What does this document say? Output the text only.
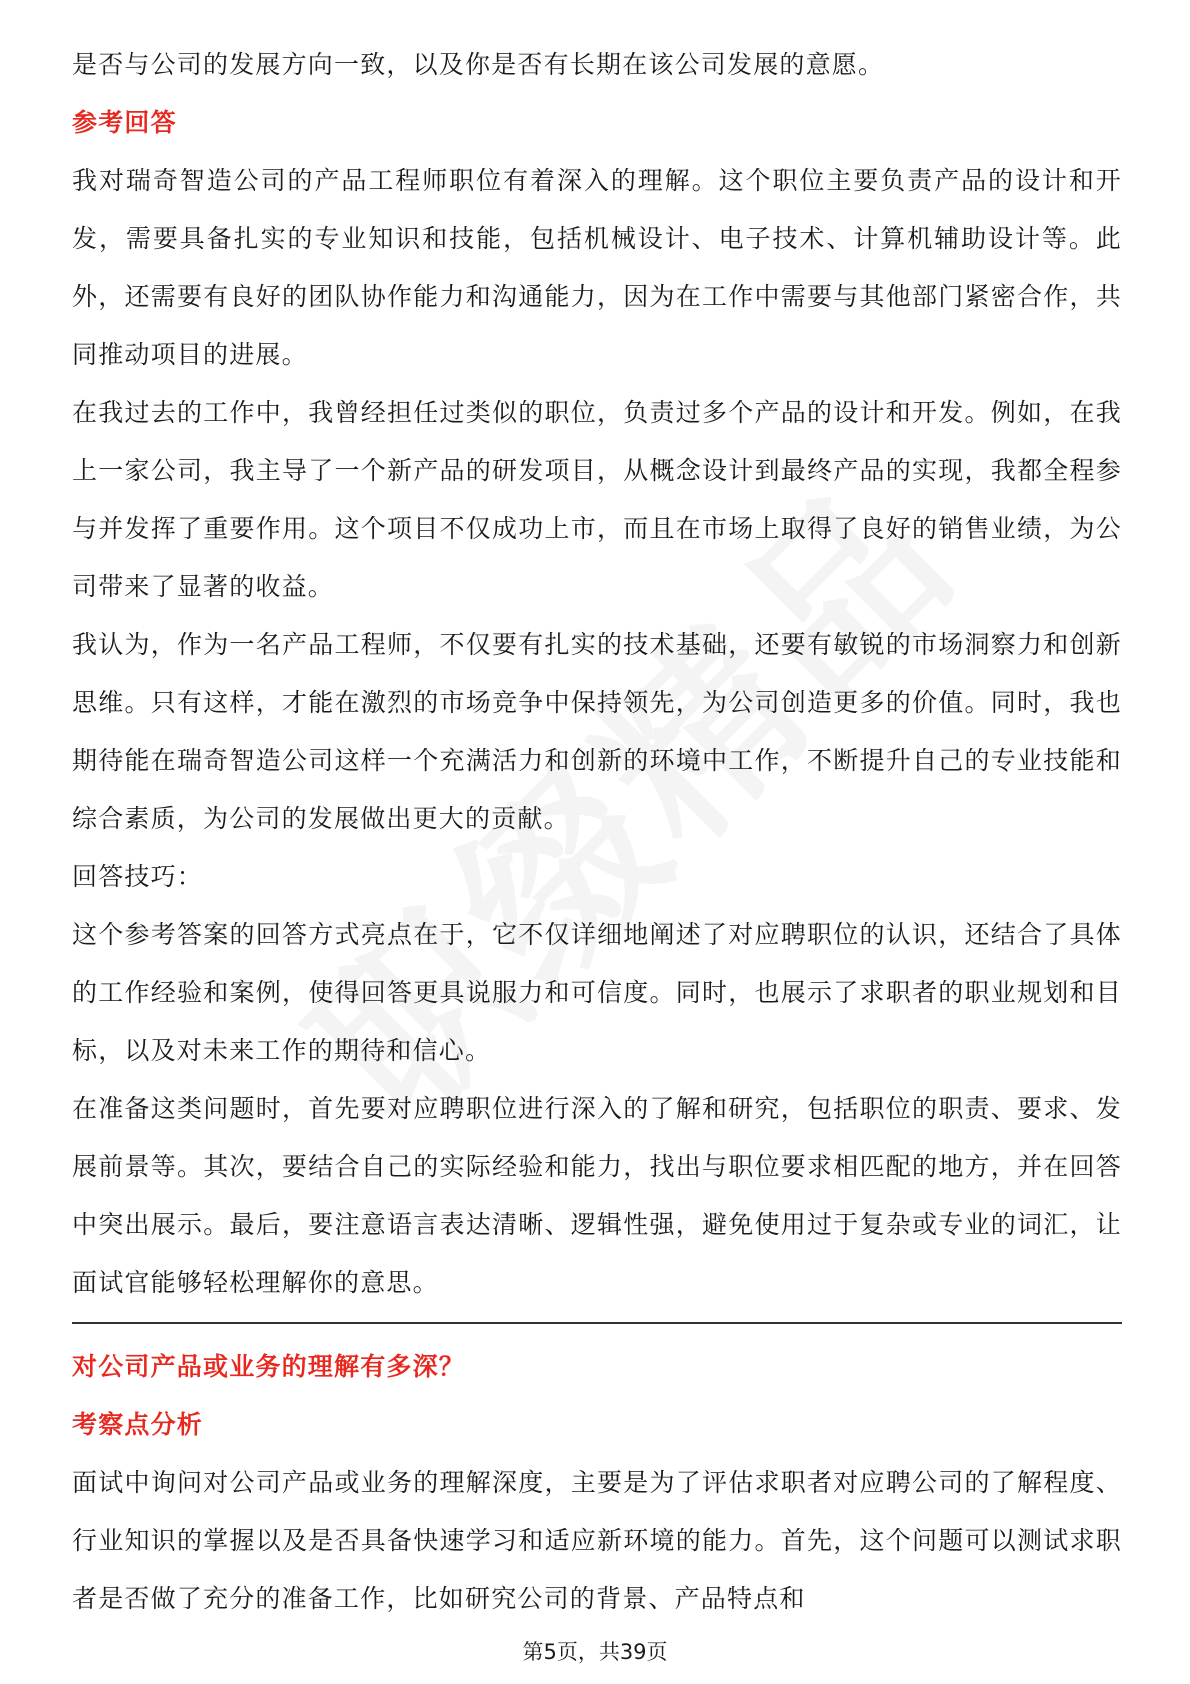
是否与公司的发展方向一致，以及你是否有长期在该公司发展的意愿。

参考回答

我对瑞奇智造公司的产品工程师职位有着深入的理解。这个职位主要负责产品的设计和开发，需要具备扎实的专业知识和技能，包括机械设计、电子技术、计算机辅助设计等。此外，还需要有良好的团队协作能力和沟通能力，因为在工作中需要与其他部门紧密合作，共同推动项目的进展。

在我过去的工作中，我曾经担任过类似的职位，负责过多个产品的设计和开发。例如，在我上一家公司，我主导了一个新产品的研发项目，从概念设计到最终产品的实现，我都全程参与并发挥了重要作用。这个项目不仅成功上市，而且在市场上取得了良好的销售业绩，为公司带来了显著的收益。

我认为，作为一名产品工程师，不仅要有扎实的技术基础，还要有敏锐的市场洞察力和创新思维。只有这样，才能在激烈的市场竞争中保持领先，为公司创造更多的价值。同时，我也期待能在瑞奇智造公司这样一个充满活力和创新的环境中工作，不断提升自己的专业技能和综合素质，为公司的发展做出更大的贡献。

回答技巧：

这个参考答案的回答方式亮点在于，它不仅详细地阐述了对应聘职位的认识，还结合了具体的工作经验和案例，使得回答更具说服力和可信度。同时，也展示了求职者的职业规划和目标，以及对未来工作的期待和信心。

在准备这类问题时，首先要对应聘职位进行深入的了解和研究，包括职位的职责、要求、发展前景等。其次，要结合自己的实际经验和能力，找出与职位要求相匹配的地方，并在回答中突出展示。最后，要注意语言表达清晰、逻辑性强，避免使用过于复杂或专业的词汇，让面试官能够轻松理解你的意思。

对公司产品或业务的理解有多深？
考察点分析

面试中询问对公司产品或业务的理解深度，主要是为了评估求职者对应聘公司的了解程度、行业知识的掌握以及是否具备快速学习和适应新环境的能力。首先，这个问题可以测试求职者是否做了充分的准备工作，比如研究公司的背景、产品特点和

第5页，共39页
